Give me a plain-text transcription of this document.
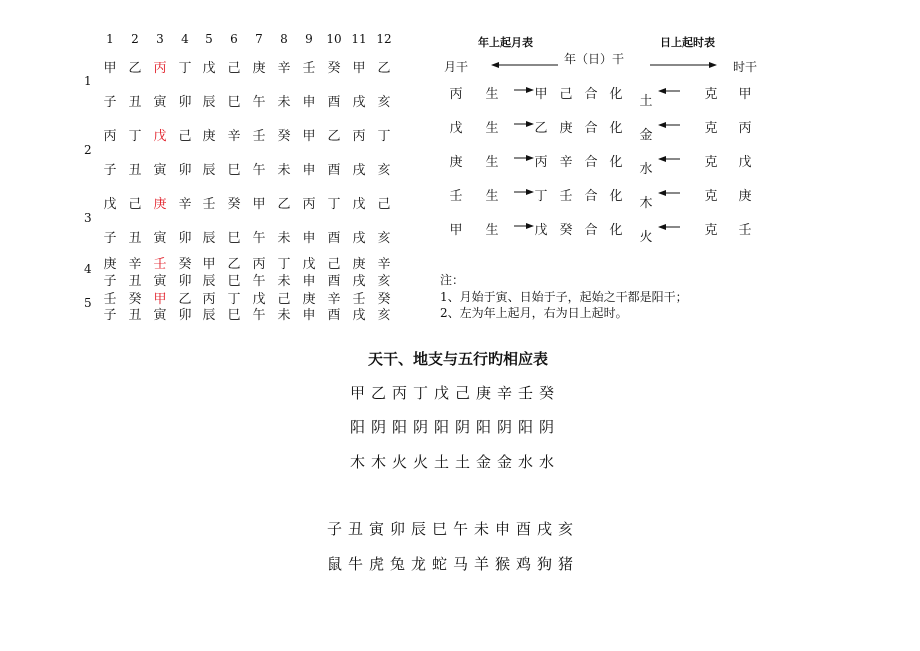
1	2	3	4	5	6	7	8	9	10 11 12
1
甲 乙 丙 丁 戊 己 庚 辛 壬 癸 甲 乙
子 丑 寅 卯 辰 巳 午 未 申 酉 戌 亥
2
丙 丁 戊 己 庚 辛 壬 癸 甲 乙 丙 丁
子 丑 寅 卯 辰 巳 午 未 申 酉 戌 亥
3
戊 己 庚 辛 壬 癸 甲 乙 丙 丁 戊 己
子 丑 寅 卯 辰 巳 午 未 申 酉 戌 亥
4 庚 辛 壬 癸 甲 乙 丙 丁 戊 己 庚 辛
子 丑 寅 卯 辰 巳 午 未 申 酉 戌 亥
5 壬 癸 甲 乙 丙 丁 戊 己 庚 辛 壬 癸
子 丑 寅 卯 辰 巳 午 未 申 酉 戌 亥
年上起月表	日上起时表
月干
年（日）干
时干
丙	生	甲 己 合 化	土	克	甲
戊	生	乙 庚 合 化	金	克	丙
庚	生	丙 辛 合 化	水	克	戊
壬	生	丁 壬 合 化	木	克	庚
甲	生	戊 癸 合 化	火	克	壬
注：
1、月始于寅、日始于子，起始之干都是阳干；
2、左为年上起月，右为日上起时。
天干、地支与五行旳相应表
甲乙丙丁戊己庚辛壬癸
阳阴阳阴阳阴阳阴阳阴
木木火火土土金金水水
子丑寅卯辰巳午未申酉戌亥
鼠牛虎兔龙蛇马羊猴鸡狗猪
